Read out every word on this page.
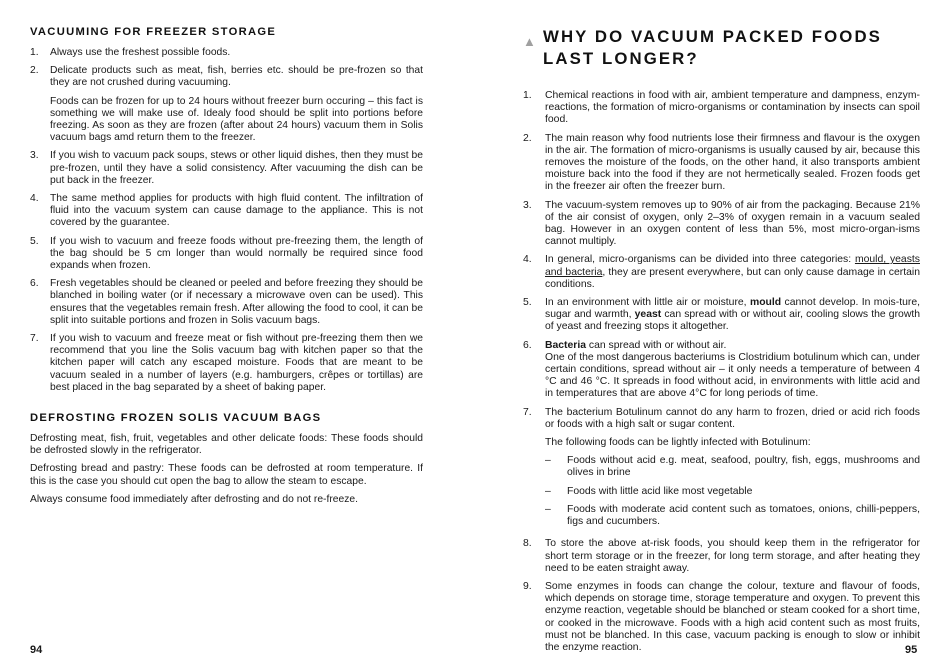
VACUUMING FOR FREEZER STORAGE
1. Always use the freshest possible foods.

2. Delicate products such as meat, fish, berries etc. should be pre-frozen so that they are not crushed during vacuuming.

Foods can be frozen for up to 24 hours without freezer burn occuring – this fact is something we will make use of. Idealy food should be split into portions before freezing. As soon as they are frozen (after about 24 hours) vacuum them in Solis vacuum bags amd return them to the freezer.

3. If you wish to vacuum pack soups, stews or other liquid dishes, then they must be pre-frozen, until they have a solid consistency. After vacuuming the dish can be put back in the freezer.

4. The same method applies for products with high fluid content. The infiltration of fluid into the vacuum system can cause damage to the appliance. This is not covered by the guarantee.

5. If you wish to vacuum and freeze foods without pre-freezing them, the length of the bag should be 5 cm longer than would normally be required since food expands when frozen.

6. Fresh vegetables should be cleaned or peeled and before freezing they should be blanched in boiling water (or if necessary a microwave oven can be used). This ensures that the vegetables remain fresh. After allowing the food to cool, it can be split into suitable portions and frozen in Solis vacuum bags.

7. If you wish to vacuum and freeze meat or fish without pre-freezing them then we recommend that you line the Solis vacuum bag with kitchen paper so that the kitchen paper will catch any escaped moisture. Foods that are meant to be vacuum sealed in a number of layers (e.g. hamburgers, crêpes or tortillas) are best placed in the bag separated by a sheet of baking paper.

DEFROSTING FROZEN SOLIS VACUUM BAGS

Defrosting meat, fish, fruit, vegetables and other delicate foods: These foods should be defrosted slowly in the refrigerator.

Defrosting bread and pastry: These foods can be defrosted at room temperature. If this is the case you should cut open the bag to allow the steam to escape.

Always consume food immediately after defrosting and do not re-freeze.

94
▲ WHY DO VACUUM PACKED FOODS LAST LONGER?
1. Chemical reactions in food with air, ambient temperature and dampness, enzym-reactions, the formation of micro-organisms or contamination by insects can spoil food.

2. The main reason why food nutrients lose their firmness and flavour is the oxygen in the air. The formation of micro-organisms is usually caused by air, because this removes the moisture of the foods, on the other hand, it also transports ambient moisture back into the food if they are not hermetically sealed. Frozen foods get in the freezer air often the freezer burn.

3. The vacuum-system removes up to 90% of air from the packaging. Because 21% of the air consist of oxygen, only 2–3% of oxygen remain in a vacuum sealed bag. However in an oxygen content of less than 5%, most micro-organ-isms cannot multiply.

4. In general, micro-organisms can be divided into three categories: mould, yeasts and bacteria, they are present everywhere, but can only cause damage in certain conditions.

5. In an environment with little air or moisture, mould cannot develop. In mois-ture, sugar and warmth, yeast can spread with or without air, cooling slows the growth of yeast and freezing stops it altogether.

6. Bacteria can spread with or without air.

One of the most dangerous bacteriums is Clostridium botulinum which can, under certain conditions, spread without air – it only needs a temperature of between 4 °C and 46 °C. It spreads in food without acid, in environments with little acid and in temperatures that are above 4°C for long periods of time.

7. The bacterium Botulinum cannot do any harm to frozen, dried or acid rich foods or foods with a high salt or sugar content.

The following foods can be lightly infected with Botulinum:

– Foods without acid e.g. meat, seafood, poultry, fish, eggs, mushrooms and olives in brine
– Foods with little acid like most vegetable
– Foods with moderate acid content such as tomatoes, onions, chilli-peppers, figs and cucumbers.
8. To store the above at-risk foods, you should keep them in the refrigerator for short term storage or in the freezer, for long term storage, and after heating they need to be eaten straight away.

9. Some enzymes in foods can change the colour, texture and flavour of foods, which depends on storage time, storage temperature and oxygen. To prevent this enzyme reaction, vegetable should be blanched or steam cooked for a short time, or cooked in the microwave. Foods with a high acid content such as most fruits, must not be blanched. In this case, vacuum packing is enough to slow or inhibit the enzyme reaction.	95
